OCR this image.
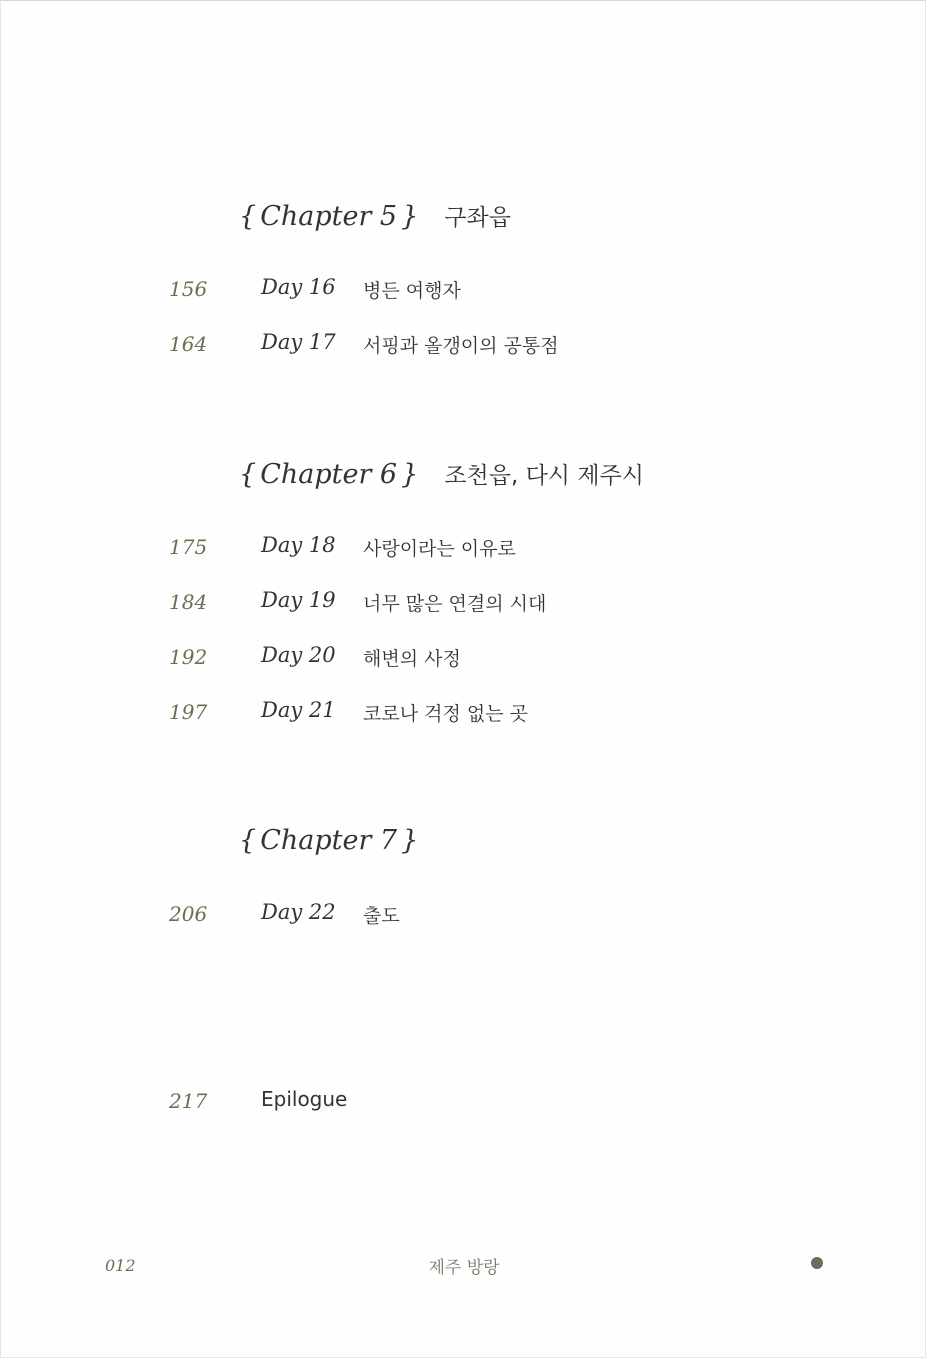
{ Chapter 5 } 구좌읍
156	Day 16 병든 여행자
164	Day 17 서핑과 올갱이의 공통점
{ Chapter 6 } 조천읍, 다시 제주시
175	Day 18 사랑이라는 이유로
184	Day 19 너무 많은 연결의 시대
192	Day 20 해변의 사정
197	Day 21 코로나 걱정 없는 곳
{ Chapter 7 }
206	Day 22 출도
217	Epilogue
012	제주 방랑
